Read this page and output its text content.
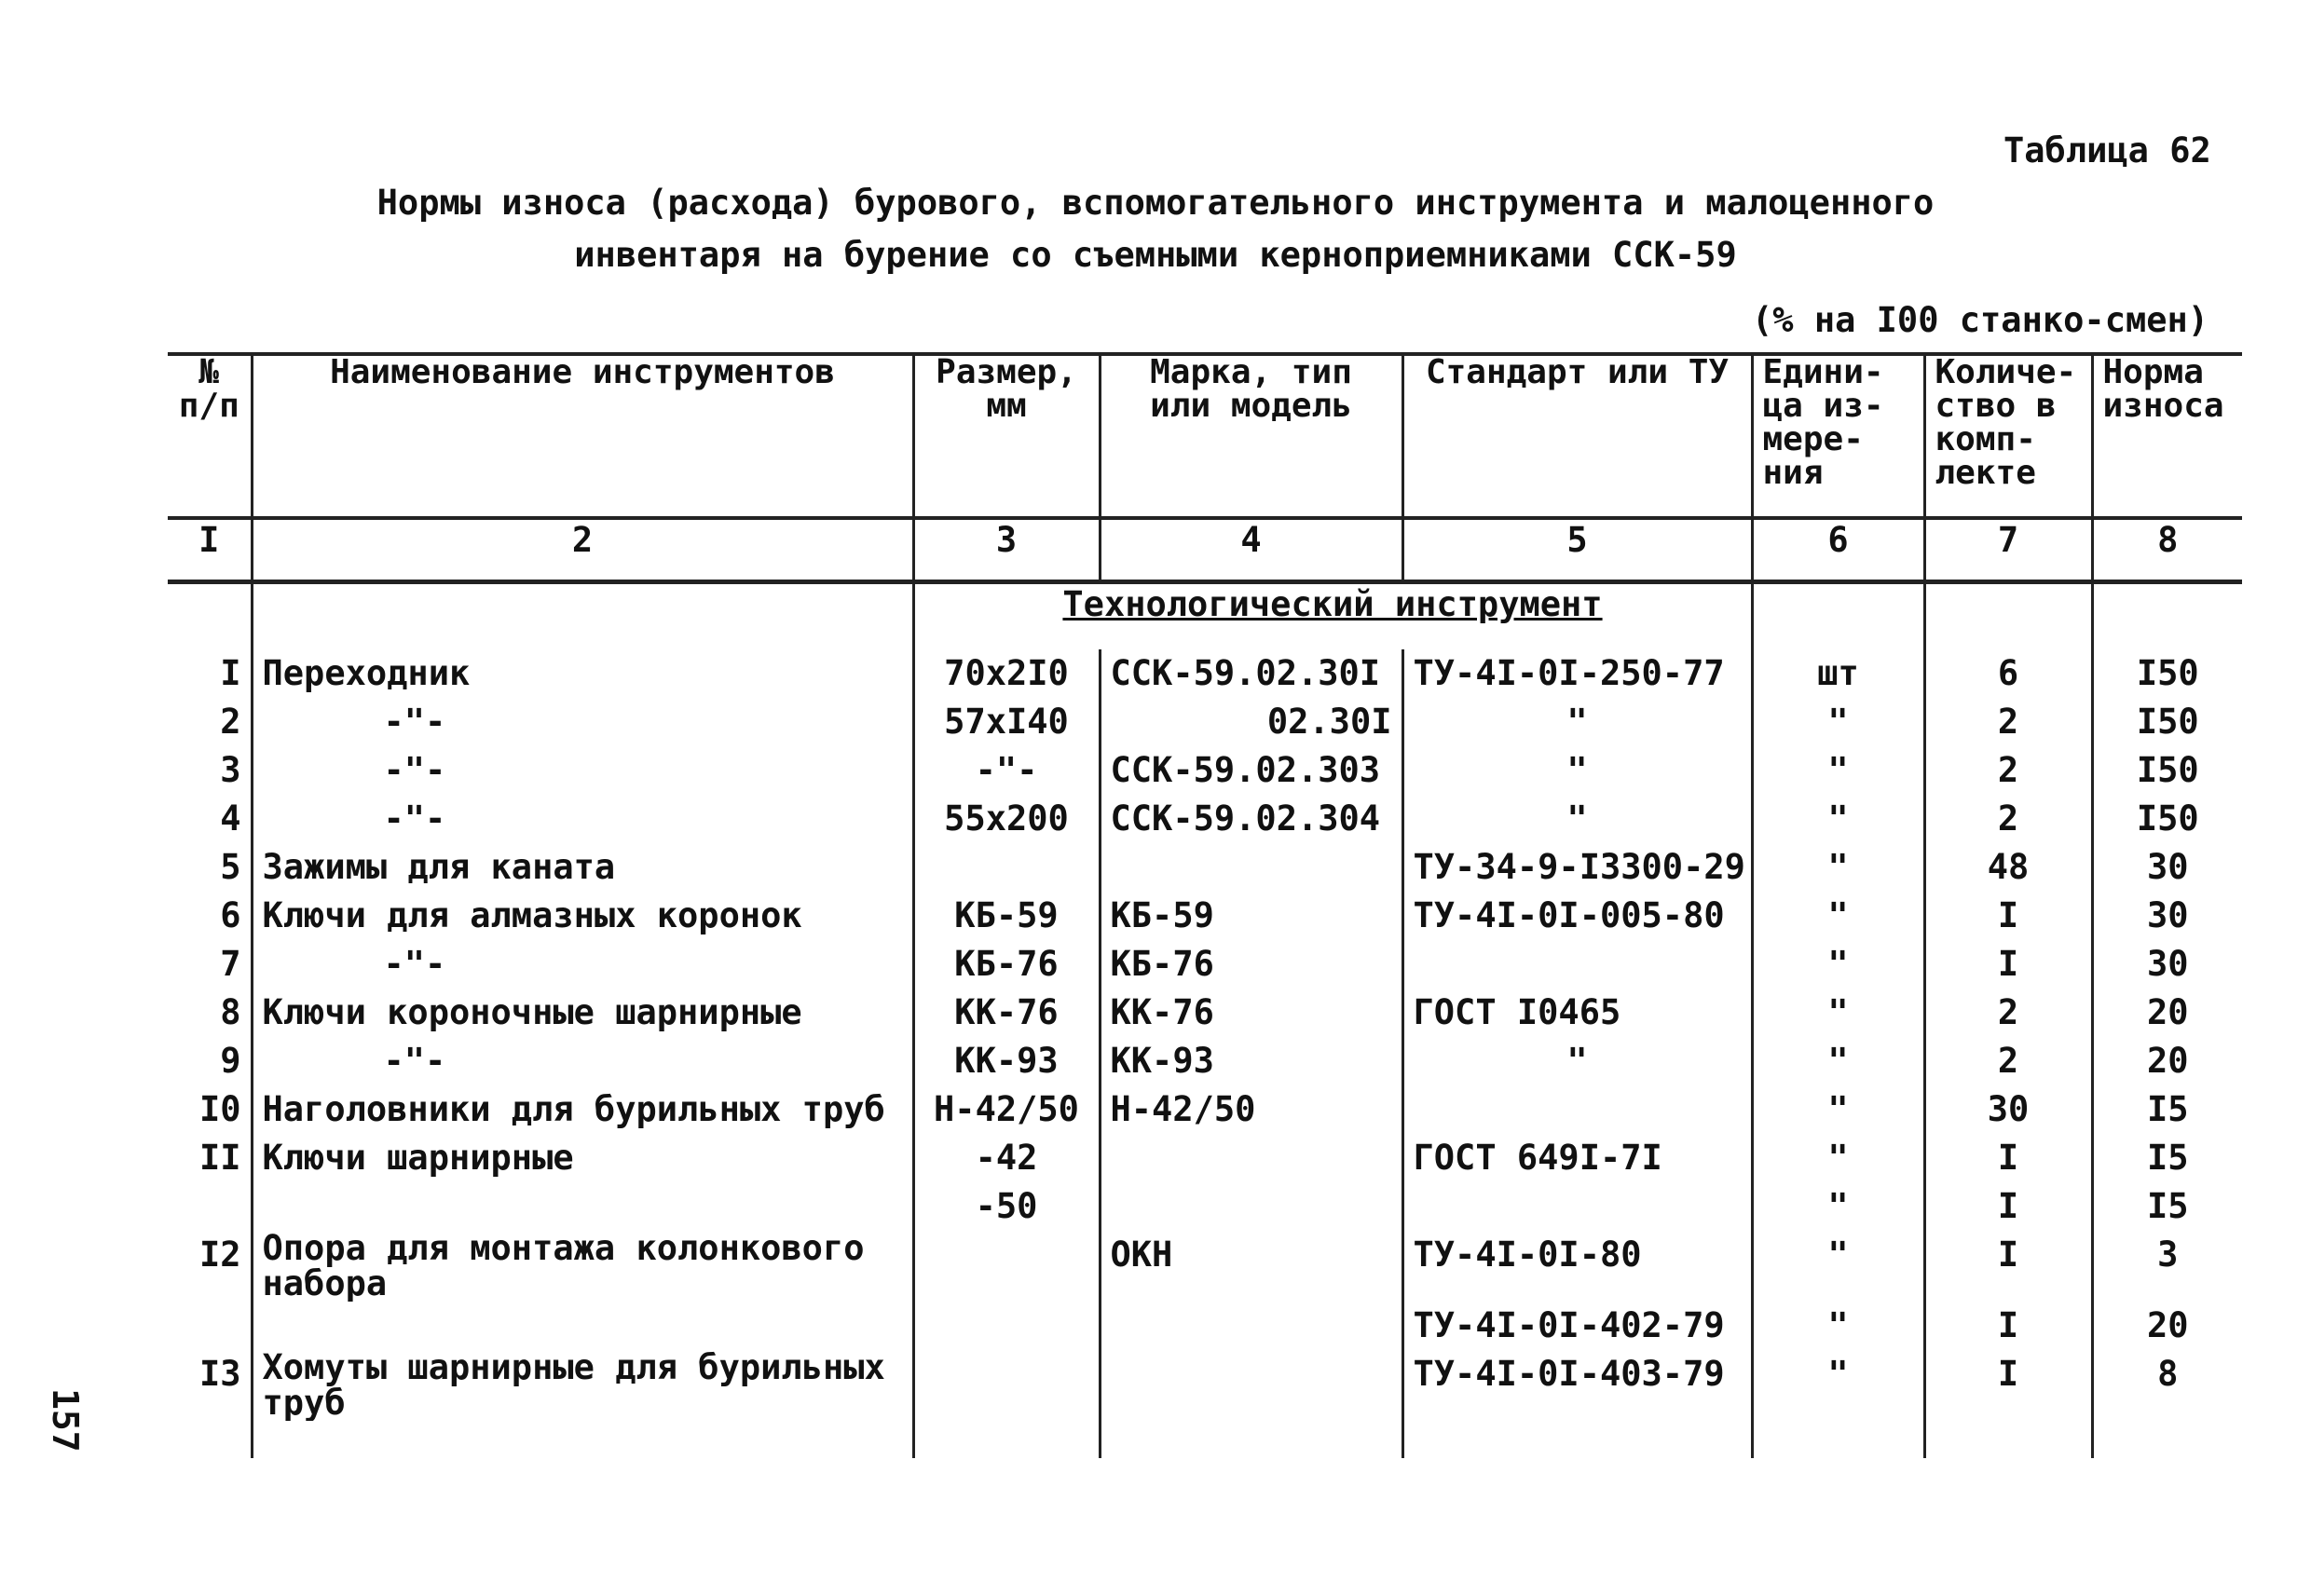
Таблица 62
Нормы износа (расхода) бурового, вспомогательного инструмента и малоценного
инвентаря на бурение со съемными керноприемниками ССК-59
(% на I00 станко-смен)
157
№ п/п	Наименование инструментов	Размер, мм	Марка, тип или модель	Стандарт или ТУ	Едини-ца из-мере-ния	Количе-ство в комп-лекте	Норма износа
I	2	3	4	5	6	7	8
		Технологический инструмент					
I	Переходник	70x2I0	ССК-59.02.30I	ТУ-4I-0I-250-77	шт	6	I50
2	-"-	57xI40	02.30I	"	"	2	I50
3	-"-	-"-	ССК-59.02.303	"	"	2	I50
4	-"-	55x200	ССК-59.02.304	"	"	2	I50
5	Зажимы для каната			ТУ-34-9-I3300-29	"	48	30
6	Ключи для алмазных коронок	КБ-59	КБ-59	ТУ-4I-0I-005-80	"	I	30
7	-"-	КБ-76	КБ-76		"	I	30
8	Ключи короночные шарнирные	КК-76	КК-76	ГОСТ I0465	"	2	20
9	-"-	КК-93	КК-93	"	"	2	20
I0	Наголовники для бурильных труб	Н-42/50	Н-42/50		"	30	I5
II	Ключи шарнирные	-42		ГОСТ 649I-7I	"	I	I5
		-50			"	I	I5
I2	Опора для монтажа колонкового набора		ОКН	ТУ-4I-0I-80	"	I	3
				ТУ-4I-0I-402-79	"	I	20
I3	Хомуты шарнирные для бурильных труб			ТУ-4I-0I-403-79	"	I	8
